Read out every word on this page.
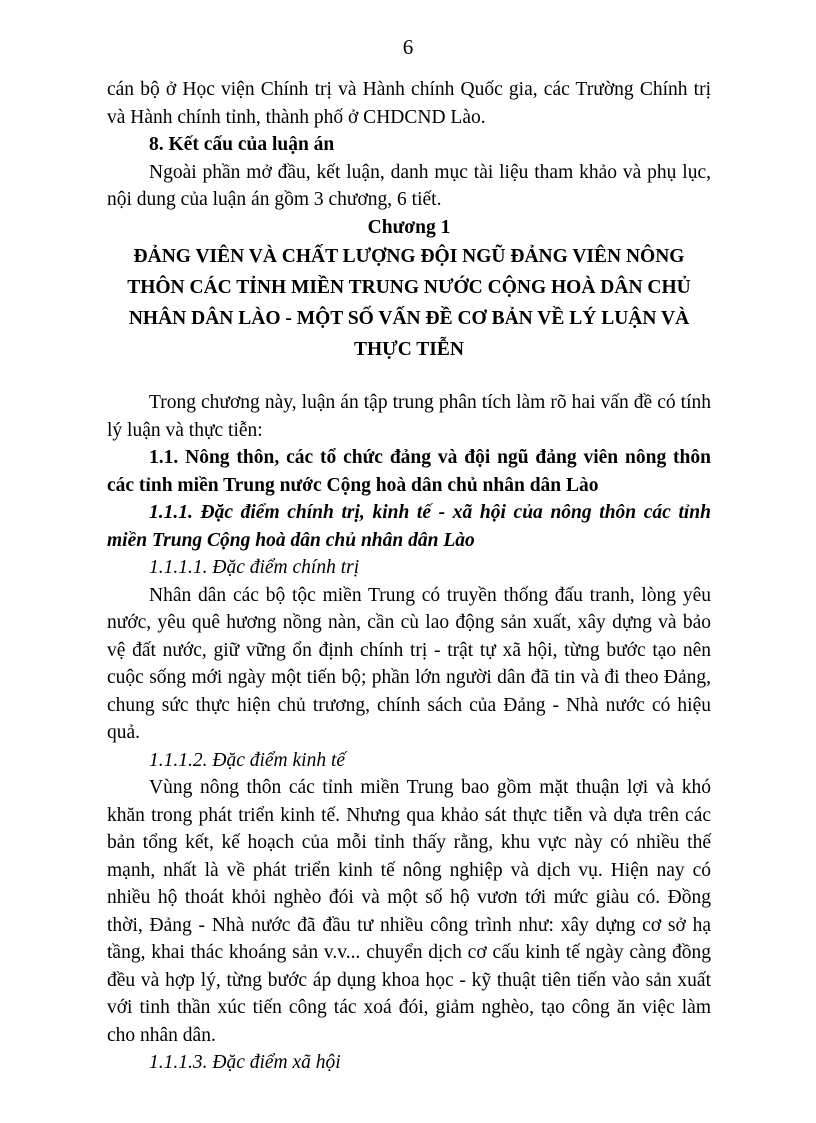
6

cán bộ ở Học viện Chính trị và Hành chính Quốc gia, các Trường Chính trị và Hành chính tỉnh, thành phố ở CHDCND Lào.

8. Kết cấu của luận án

Ngoài phần mở đầu, kết luận, danh mục tài liệu tham khảo và phụ lục, nội dung của luận án gồm 3 chương, 6 tiết.

Chương 1

ĐẢNG VIÊN VÀ CHẤT LƯỢNG ĐỘI NGŨ ĐẢNG VIÊN NÔNG THÔN CÁC TỈNH MIỀN TRUNG NƯỚC CỘNG HOÀ DÂN CHỦ NHÂN DÂN LÀO - MỘT SỐ VẤN ĐỀ CƠ BẢN VỀ LÝ LUẬN VÀ THỰC TIỄN

Trong chương này, luận án tập trung phân tích làm rõ hai vấn đề có tính lý luận và thực tiễn:

1.1. Nông thôn, các tổ chức đảng và đội ngũ đảng viên nông thôn các tỉnh miền Trung nước Cộng hoà dân chủ nhân dân Lào

1.1.1. Đặc điểm chính trị, kinh tế - xã hội của nông thôn các tỉnh miền Trung Cộng hoà dân chủ nhân dân Lào

1.1.1.1. Đặc điểm chính trị

Nhân dân các bộ tộc miền Trung có truyền thống đấu tranh, lòng yêu nước, yêu quê hương nồng nàn, cần cù lao động sản xuất, xây dựng và bảo vệ đất nước, giữ vững ổn định chính trị - trật tự xã hội, từng bước tạo nên cuộc sống mới ngày một tiến bộ; phần lớn người dân đã tin và đi theo Đảng, chung sức thực hiện chủ trương, chính sách của Đảng - Nhà nước có hiệu quả.

1.1.1.2. Đặc điểm kinh tế

Vùng nông thôn các tỉnh miền Trung bao gồm mặt thuận lợi và khó khăn trong phát triển kinh tế. Nhưng qua khảo sát thực tiễn và dựa trên các bản tổng kết, kế hoạch của mỗi tỉnh thấy rằng, khu vực này có nhiều thế mạnh, nhất là về phát triển kinh tế nông nghiệp và dịch vụ. Hiện nay có nhiều hộ thoát khỏi nghèo đói và một số hộ vươn tới mức giàu có. Đồng thời, Đảng - Nhà nước đã đầu tư nhiều công trình như: xây dựng cơ sở hạ tầng, khai thác khoáng sản v.v... chuyển dịch cơ cấu kinh tế ngày càng đồng đều và hợp lý, từng bước áp dụng khoa học - kỹ thuật tiên tiến vào sản xuất với tinh thần xúc tiến công tác xoá đói, giảm nghèo, tạo công ăn việc làm cho nhân dân.

1.1.1.3. Đặc điểm xã hội
